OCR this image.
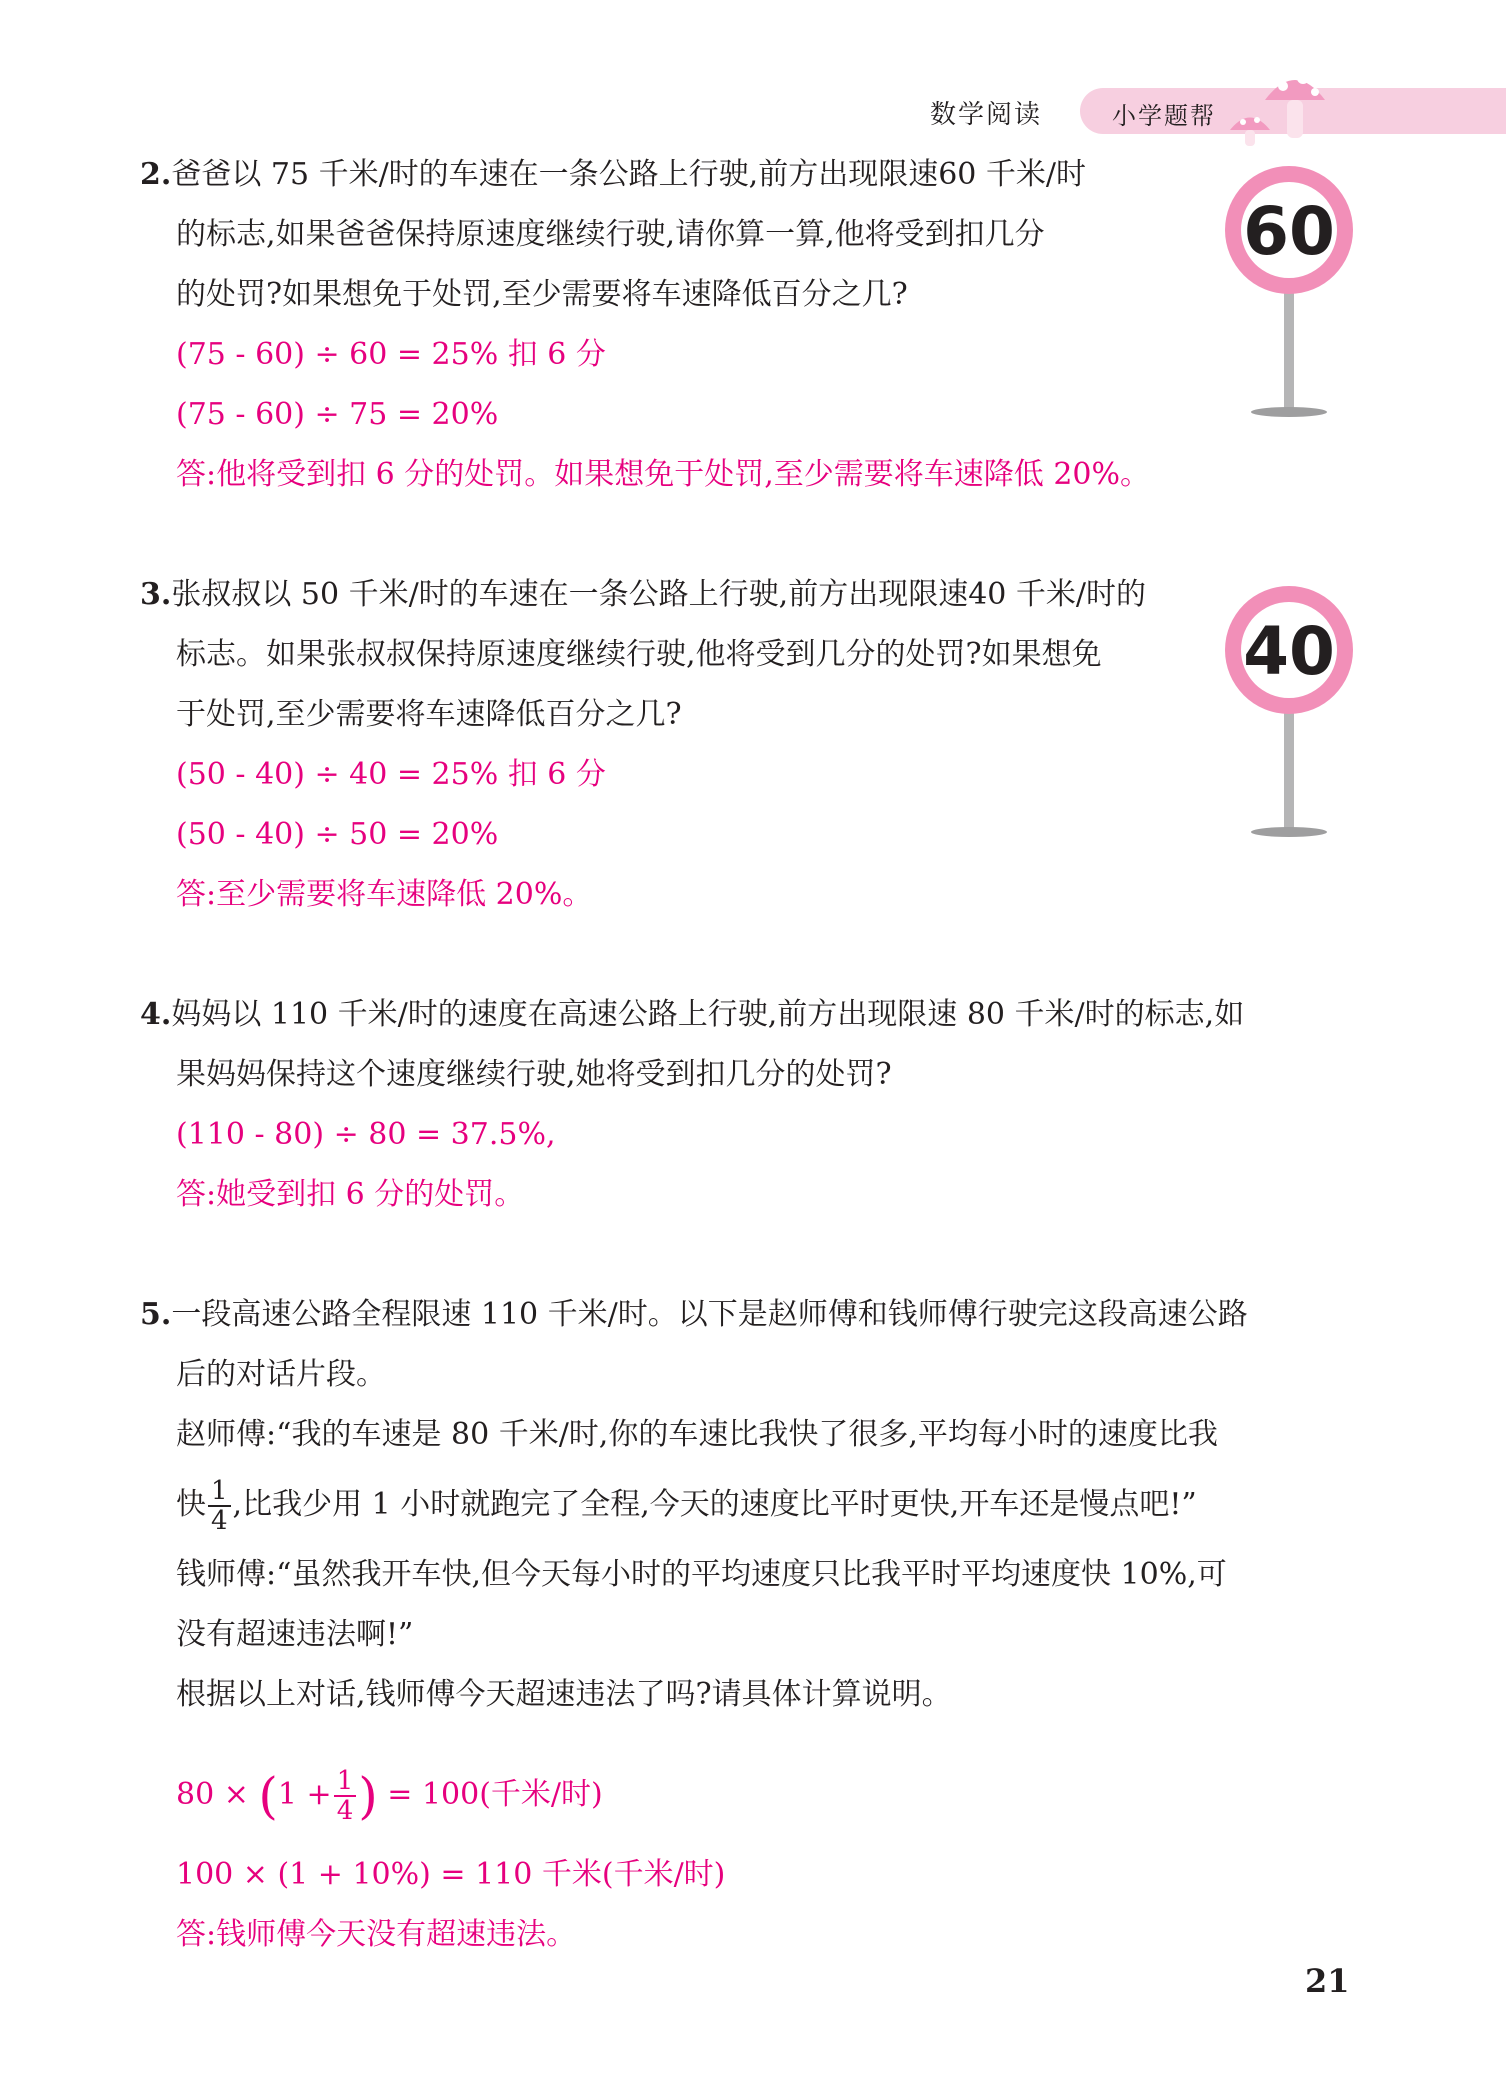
数学阅读	小学题帮
2.爸爸以 75 千米/时的车速在一条公路上行驶,前方出现限速60 千米/时
的标志,如果爸爸保持原速度继续行驶,请你算一算,他将受到扣几分
的处罚?如果想免于处罚,至少需要将车速降低百分之几?
(75 - 60) ÷ 60 = 25% 扣 6 分
(75 - 60) ÷ 75 = 20%
答:他将受到扣 6 分的处罚。如果想免于处罚,至少需要将车速降低 20%。
60
3.张叔叔以 50 千米/时的车速在一条公路上行驶,前方出现限速40 千米/时的
标志。如果张叔叔保持原速度继续行驶,他将受到几分的处罚?如果想免
于处罚,至少需要将车速降低百分之几?
(50 - 40) ÷ 40 = 25% 扣 6 分
(50 - 40) ÷ 50 = 20%
答:至少需要将车速降低 20%。
40
4.妈妈以 110 千米/时的速度在高速公路上行驶,前方出现限速 80 千米/时的标志,如
果妈妈保持这个速度继续行驶,她将受到扣几分的处罚?
(110 - 80) ÷ 80 = 37.5%,
答:她受到扣 6 分的处罚。
5.一段高速公路全程限速 110 千米/时。以下是赵师傅和钱师傅行驶完这段高速公路
后的对话片段。
赵师傅:“我的车速是 80 千米/时,你的车速比我快了很多,平均每小时的速度比我
快 $\frac{1}{4}$ ,比我少用 1 小时就跑完了全程,今天的速度比平时更快,开车还是慢点吧!”
钱师傅:“虽然我开车快,但今天每小时的平均速度只比我平时平均速度快 10%,可
没有超速违法啊!”
根据以上对话,钱师傅今天超速违法了吗?请具体计算说明。
$80 \times (1 + \frac{1}{4}$ ) = 100(千米/时)
100 × (1 + 10%) = 110 千米(千米/时)
答:钱师傅今天没有超速违法。
21
